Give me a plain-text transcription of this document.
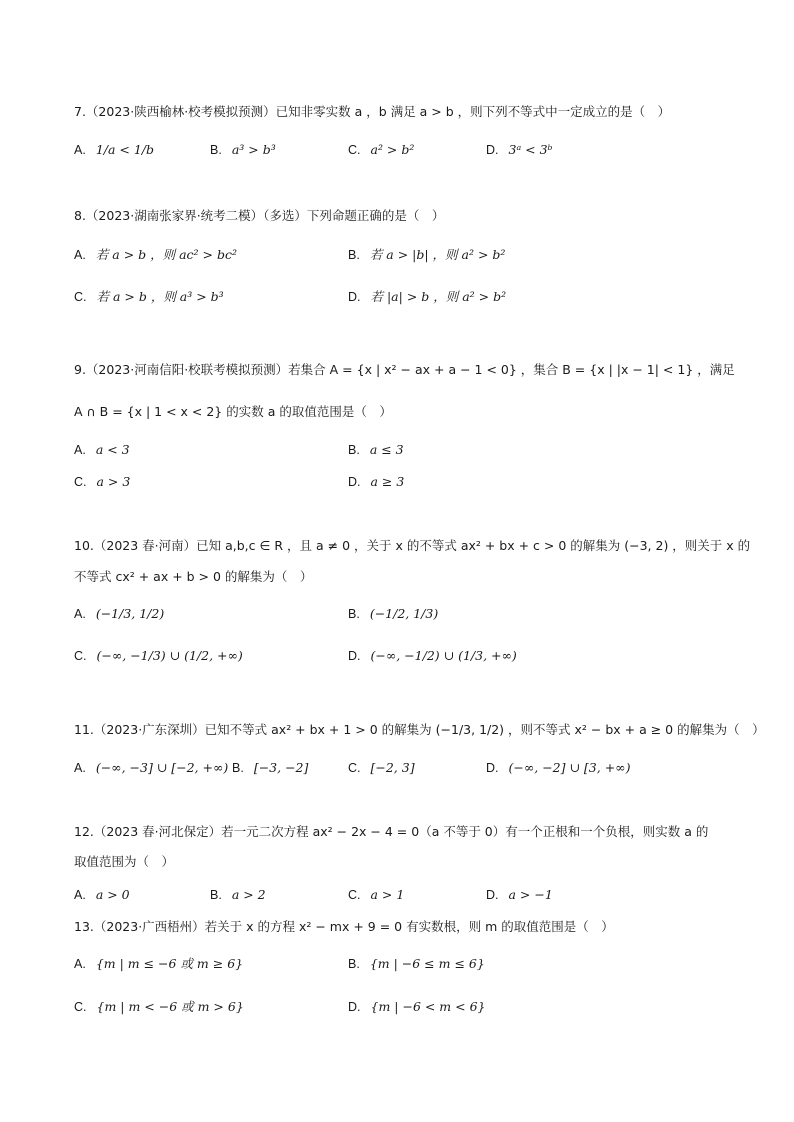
7.（2023·陕西榆林·校考模拟预测）已知非零实数 a ，b 满足 a > b ，则下列不等式中一定成立的是（　）
A. 1/a < 1/b	B. a³ > b³	C. a² > b²	D. 3ᵃ < 3ᵇ
8.（2023·湖南张家界·统考二模）（多选）下列命题正确的是（　）
A. 若 a > b ，则 ac² > bc²	B. 若 a > |b| ，则 a² > b²
C. 若 a > b ，则 a³ > b³	D. 若 |a| > b ，则 a² > b²
9.（2023·河南信阳·校联考模拟预测）若集合 A = {x | x² − ax + a − 1 < 0} ，集合 B = {x | |x − 1| < 1} ，满足
A ∩ B = {x | 1 < x < 2} 的实数 a 的取值范围是（　）
A. a < 3	B. a ≤ 3
C. a > 3	D. a ≥ 3
10.（2023 春·河南）已知 a,b,c ∈ R ，且 a ≠ 0 ，关于 x 的不等式 ax² + bx + c > 0 的解集为 (−3, 2) ，则关于 x 的
不等式 cx² + ax + b > 0 的解集为（　）
A. (−1/3, 1/2)	B. (−1/2, 1/3)
C. (−∞, −1/3) ∪ (1/2, +∞)	D. (−∞, −1/2) ∪ (1/3, +∞)
11.（2023·广东深圳）已知不等式 ax² + bx + 1 > 0 的解集为 (−1/3, 1/2) ，则不等式 x² − bx + a ≥ 0 的解集为（　）
A. (−∞, −3] ∪ [−2, +∞) B. [−3, −2]	C. [−2, 3]	D. (−∞, −2] ∪ [3, +∞)
12.（2023 春·河北保定）若一元二次方程 ax² − 2x − 4 = 0（a 不等于 0）有一个正根和一个负根，则实数 a 的
取值范围为（　）
A. a > 0	B. a > 2	C. a > 1	D. a > −1
13.（2023·广西梧州）若关于 x 的方程 x² − mx + 9 = 0 有实数根，则 m 的取值范围是（　）
A. {m | m ≤ −6 或 m ≥ 6}	B. {m | −6 ≤ m ≤ 6}
C. {m | m < −6 或 m > 6}	D. {m | −6 < m < 6}
